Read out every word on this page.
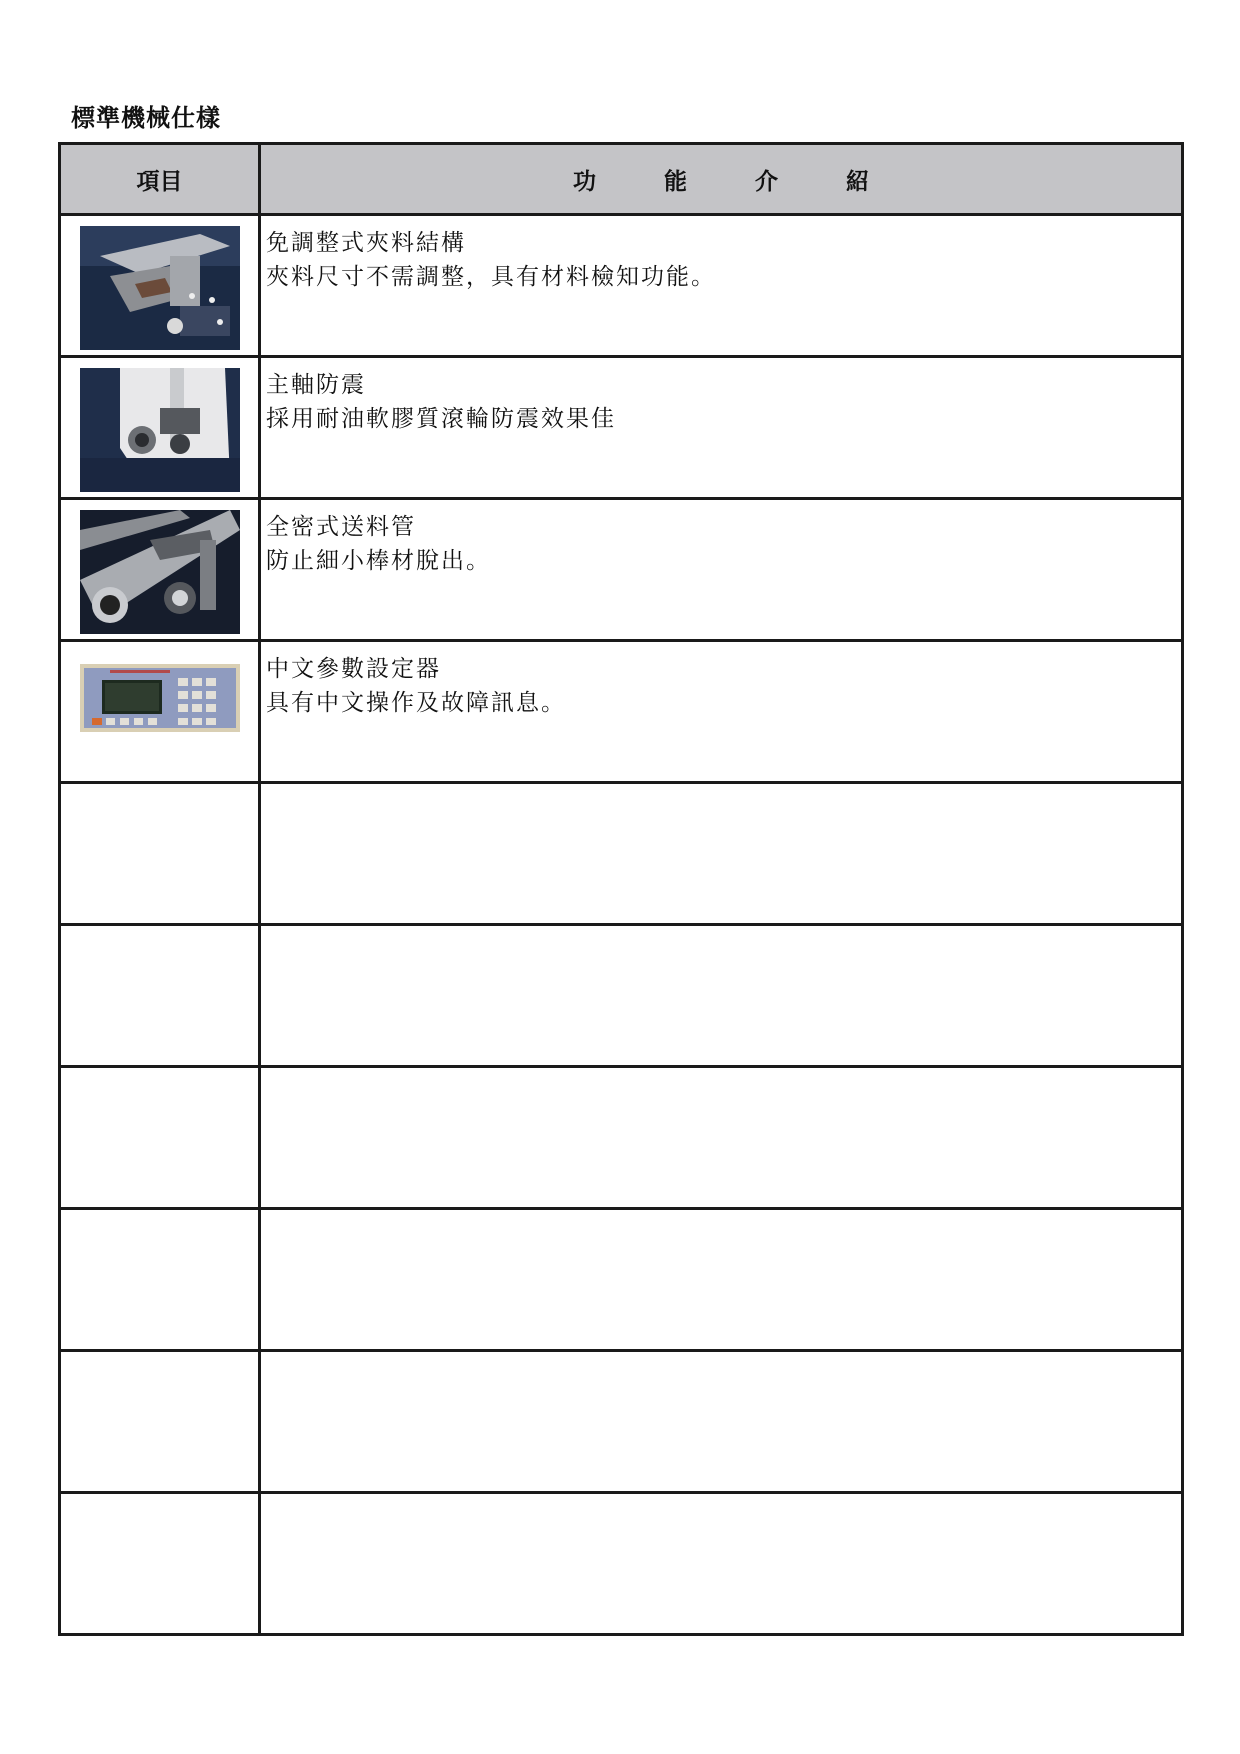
標準機械仕樣
項目	功 能 介 紹

免調整式夾料結構
夾料尺寸不需調整，具有材料檢知功能。

主軸防震
採用耐油軟膠質滾輪防震效果佳

全密式送料管
防止細小棒材脫出。

中文參數設定器
具有中文操作及故障訊息。
